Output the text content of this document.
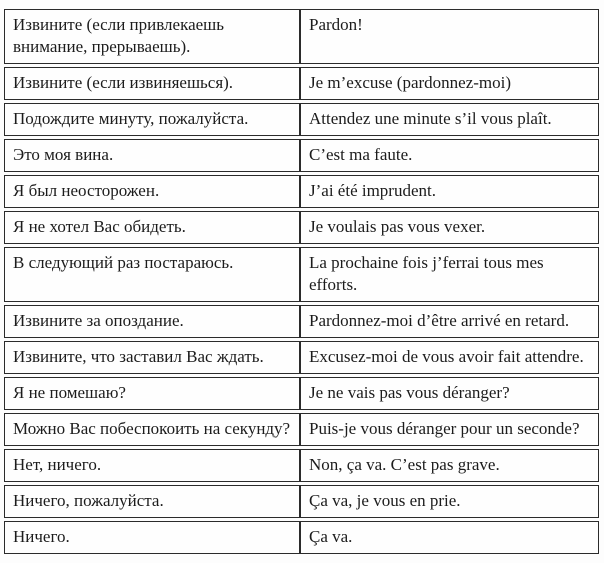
Извините (если привлекаешь внимание, прерываешь).	Pardon!
Извините (если извиняешься).	Je m’excuse (pardonnez-moi)
Подождите минуту, пожалуйста.	Attendez une minute s’il vous plaît.
Это моя вина.	C’est ma faute.
Я был неосторожен.	J’ai été imprudent.
Я не хотел Вас обидеть.	Je voulais pas vous vexer.
В следующий раз постараюсь.	La prochaine fois j’ferrai tous mes efforts.
Извините за опоздание.	Pardonnez-moi d’être arrivé en retard.
Извините, что заставил Вас ждать.	Excusez-moi de vous avoir fait attendre.
Я не помешаю?	Je ne vais pas vous déranger?
Можно Вас побеспокоить на секунду?	Puis-je vous déranger pour un seconde?
Нет, ничего.	Non, ça va. C’est pas grave.
Ничего, пожалуйста.	Ça va, je vous en prie.
Ничего.	Ça va.
